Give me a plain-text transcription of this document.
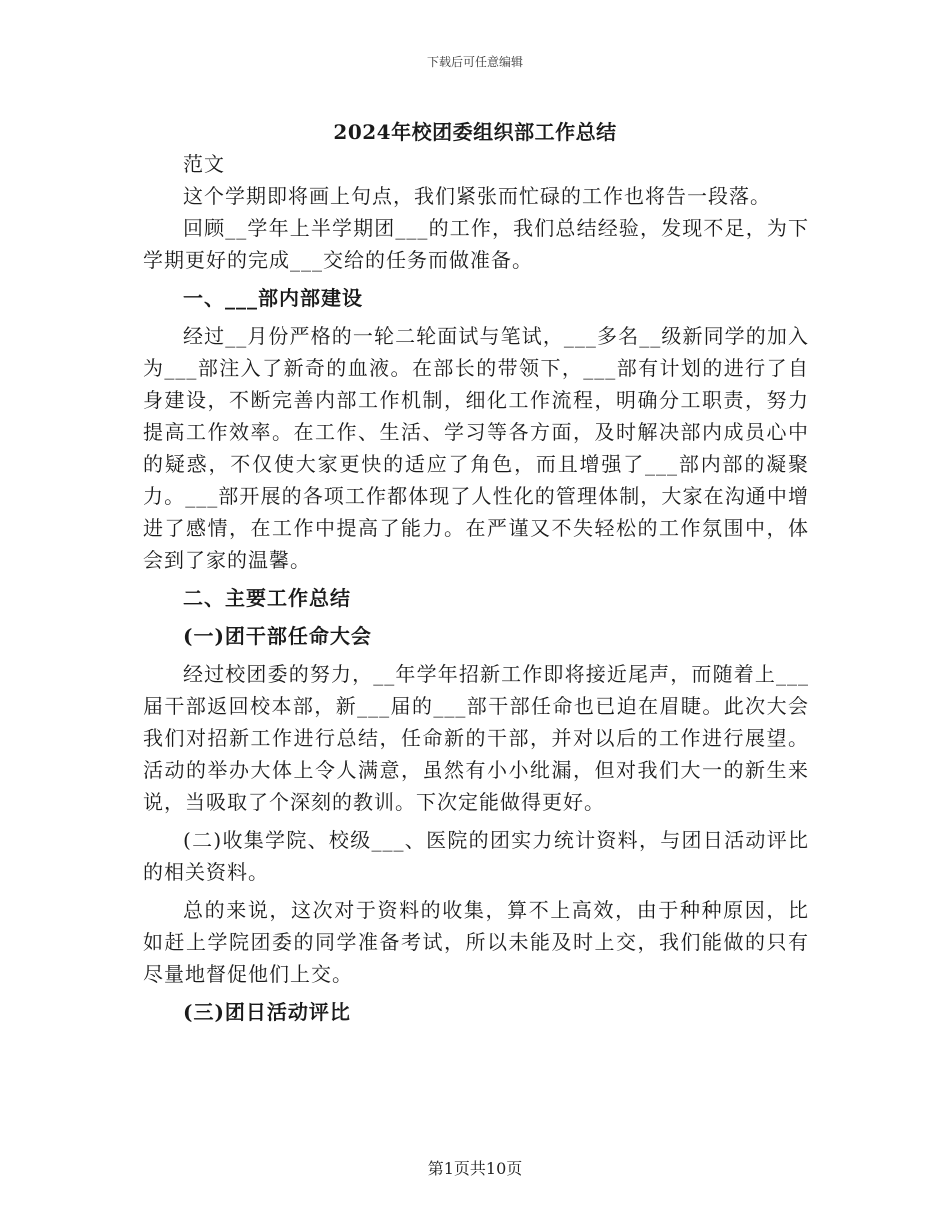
下载后可任意编辑
2024年校团委组织部工作总结

范文

这个学期即将画上句点，我们紧张而忙碌的工作也将告一段落。

回顾__学年上半学期团___的工作，我们总结经验，发现不足，为下学期更好的完成___交给的任务而做准备。

一、___部内部建设

经过__月份严格的一轮二轮面试与笔试，___多名__级新同学的加入为___部注入了新奇的血液。在部长的带领下，___部有计划的进行了自身建设，不断完善内部工作机制，细化工作流程，明确分工职责，努力提高工作效率。在工作、生活、学习等各方面，及时解决部内成员心中的疑惑，不仅使大家更快的适应了角色，而且增强了___部内部的凝聚力。___部开展的各项工作都体现了人性化的管理体制，大家在沟通中增进了感情，在工作中提高了能力。在严谨又不失轻松的工作氛围中，体会到了家的温馨。

二、主要工作总结

(一)团干部任命大会

经过校团委的努力，__年学年招新工作即将接近尾声，而随着上___届干部返回校本部，新___届的___部干部任命也已迫在眉睫。此次大会我们对招新工作进行总结，任命新的干部，并对以后的工作进行展望。活动的举办大体上令人满意，虽然有小小纰漏，但对我们大一的新生来说，当吸取了个深刻的教训。下次定能做得更好。

(二)收集学院、校级___、医院的团实力统计资料，与团日活动评比的相关资料。

总的来说，这次对于资料的收集，算不上高效，由于种种原因，比如赶上学院团委的同学准备考试，所以未能及时上交，我们能做的只有尽量地督促他们上交。

(三)团日活动评比

第1页共10页
